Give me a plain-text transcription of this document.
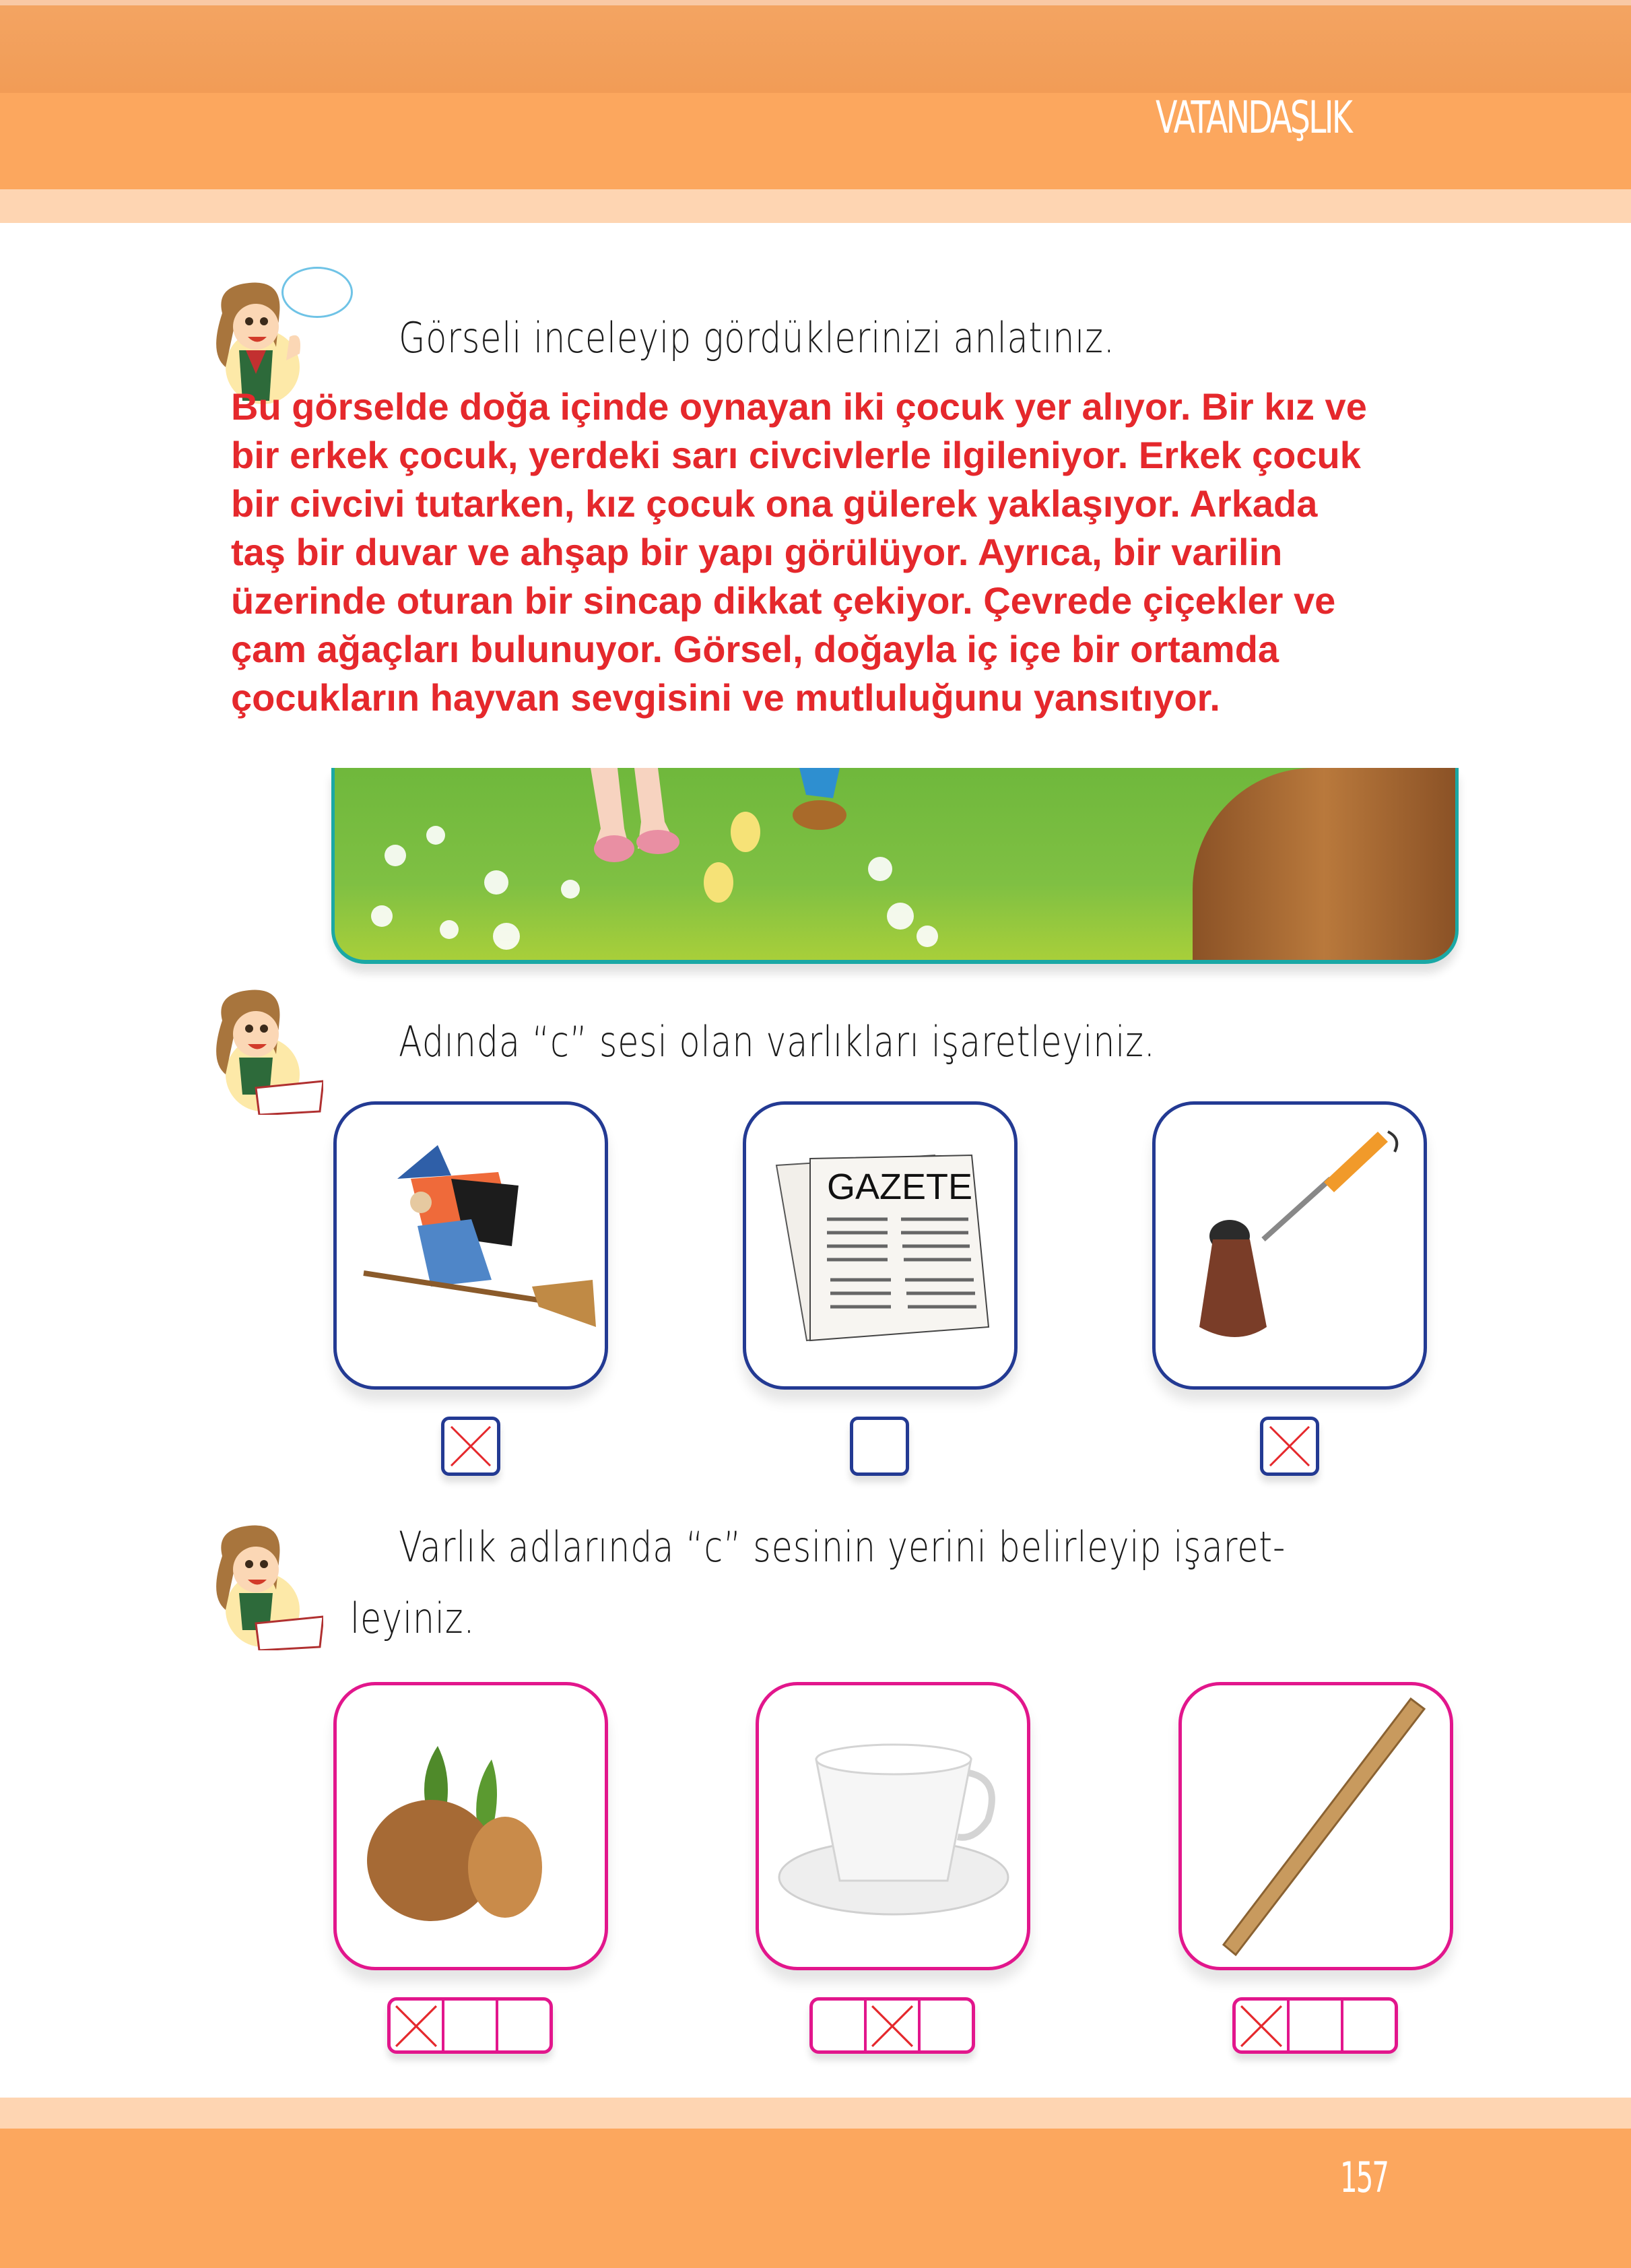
VATANDAŞLIK
Görseli inceleyip gördüklerinizi anlatınız.

Bu görselde doğa içinde oynayan iki çocuk yer alıyor. Bir kız ve

bir erkek çocuk, yerdeki sarı civcivlerle ilgileniyor. Erkek çocuk

bir civcivi tutarken, kız çocuk ona gülerek yaklaşıyor. Arkada

taş bir duvar ve ahşap bir yapı görülüyor. Ayrıca, bir varilin

üzerinde oturan bir sincap dikkat çekiyor. Çevrede çiçekler ve

çam ağaçları bulunuyor. Görsel, doğayla iç içe bir ortamda

çocukların hayvan sevgisini ve mutluluğunu yansıtıyor.

Adında “c” sesi olan varlıkları işaretleyiniz.
GAZETE
Varlık adlarında “c” sesinin yerini belirleyip işaret-
leyiniz.
157
